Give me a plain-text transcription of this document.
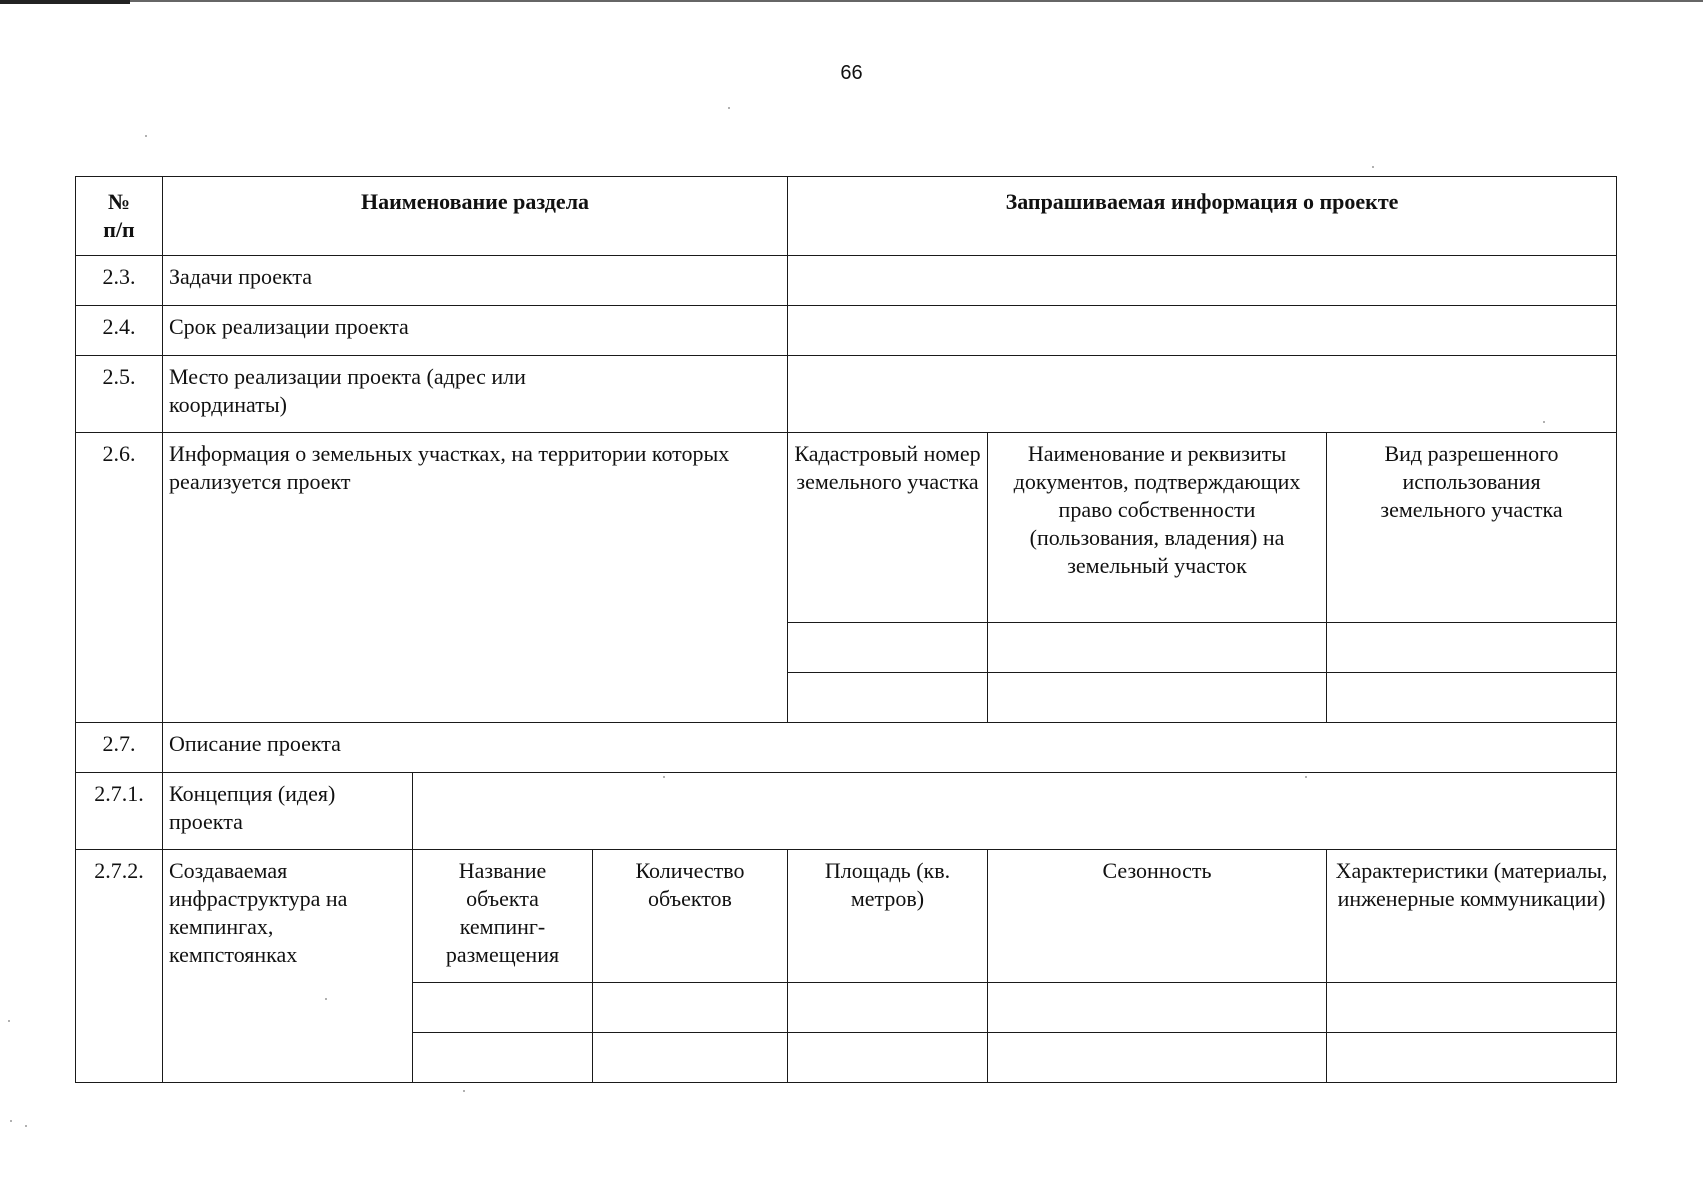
66
№ п/п	Наименование раздела			Запрашиваемая информация о проекте		
2.3.	Задачи проекта					
2.4.	Срок реализации проекта					
2.5.	Место реализации проекта (адрес или координаты)					
2.6.	Информация о земельных участках, на территории которых реализуется проект			Кадастровый номер земельного участка	Наименование и реквизиты документов, подтверждающих право собственности (пользования, владения) на земельный участок	Вид разрешенного использования земельного участка

2.7.	Описание проекта					
2.7.1.	Концепция (идея) проекта					
2.7.2.	Создаваемая инфраструктура на кемпингах, кемпстоянках	Название объекта кемпинг-размещения	Количество объектов	Площадь (кв. метров)	Сезонность	Характеристики (материалы, инженерные коммуникации)
